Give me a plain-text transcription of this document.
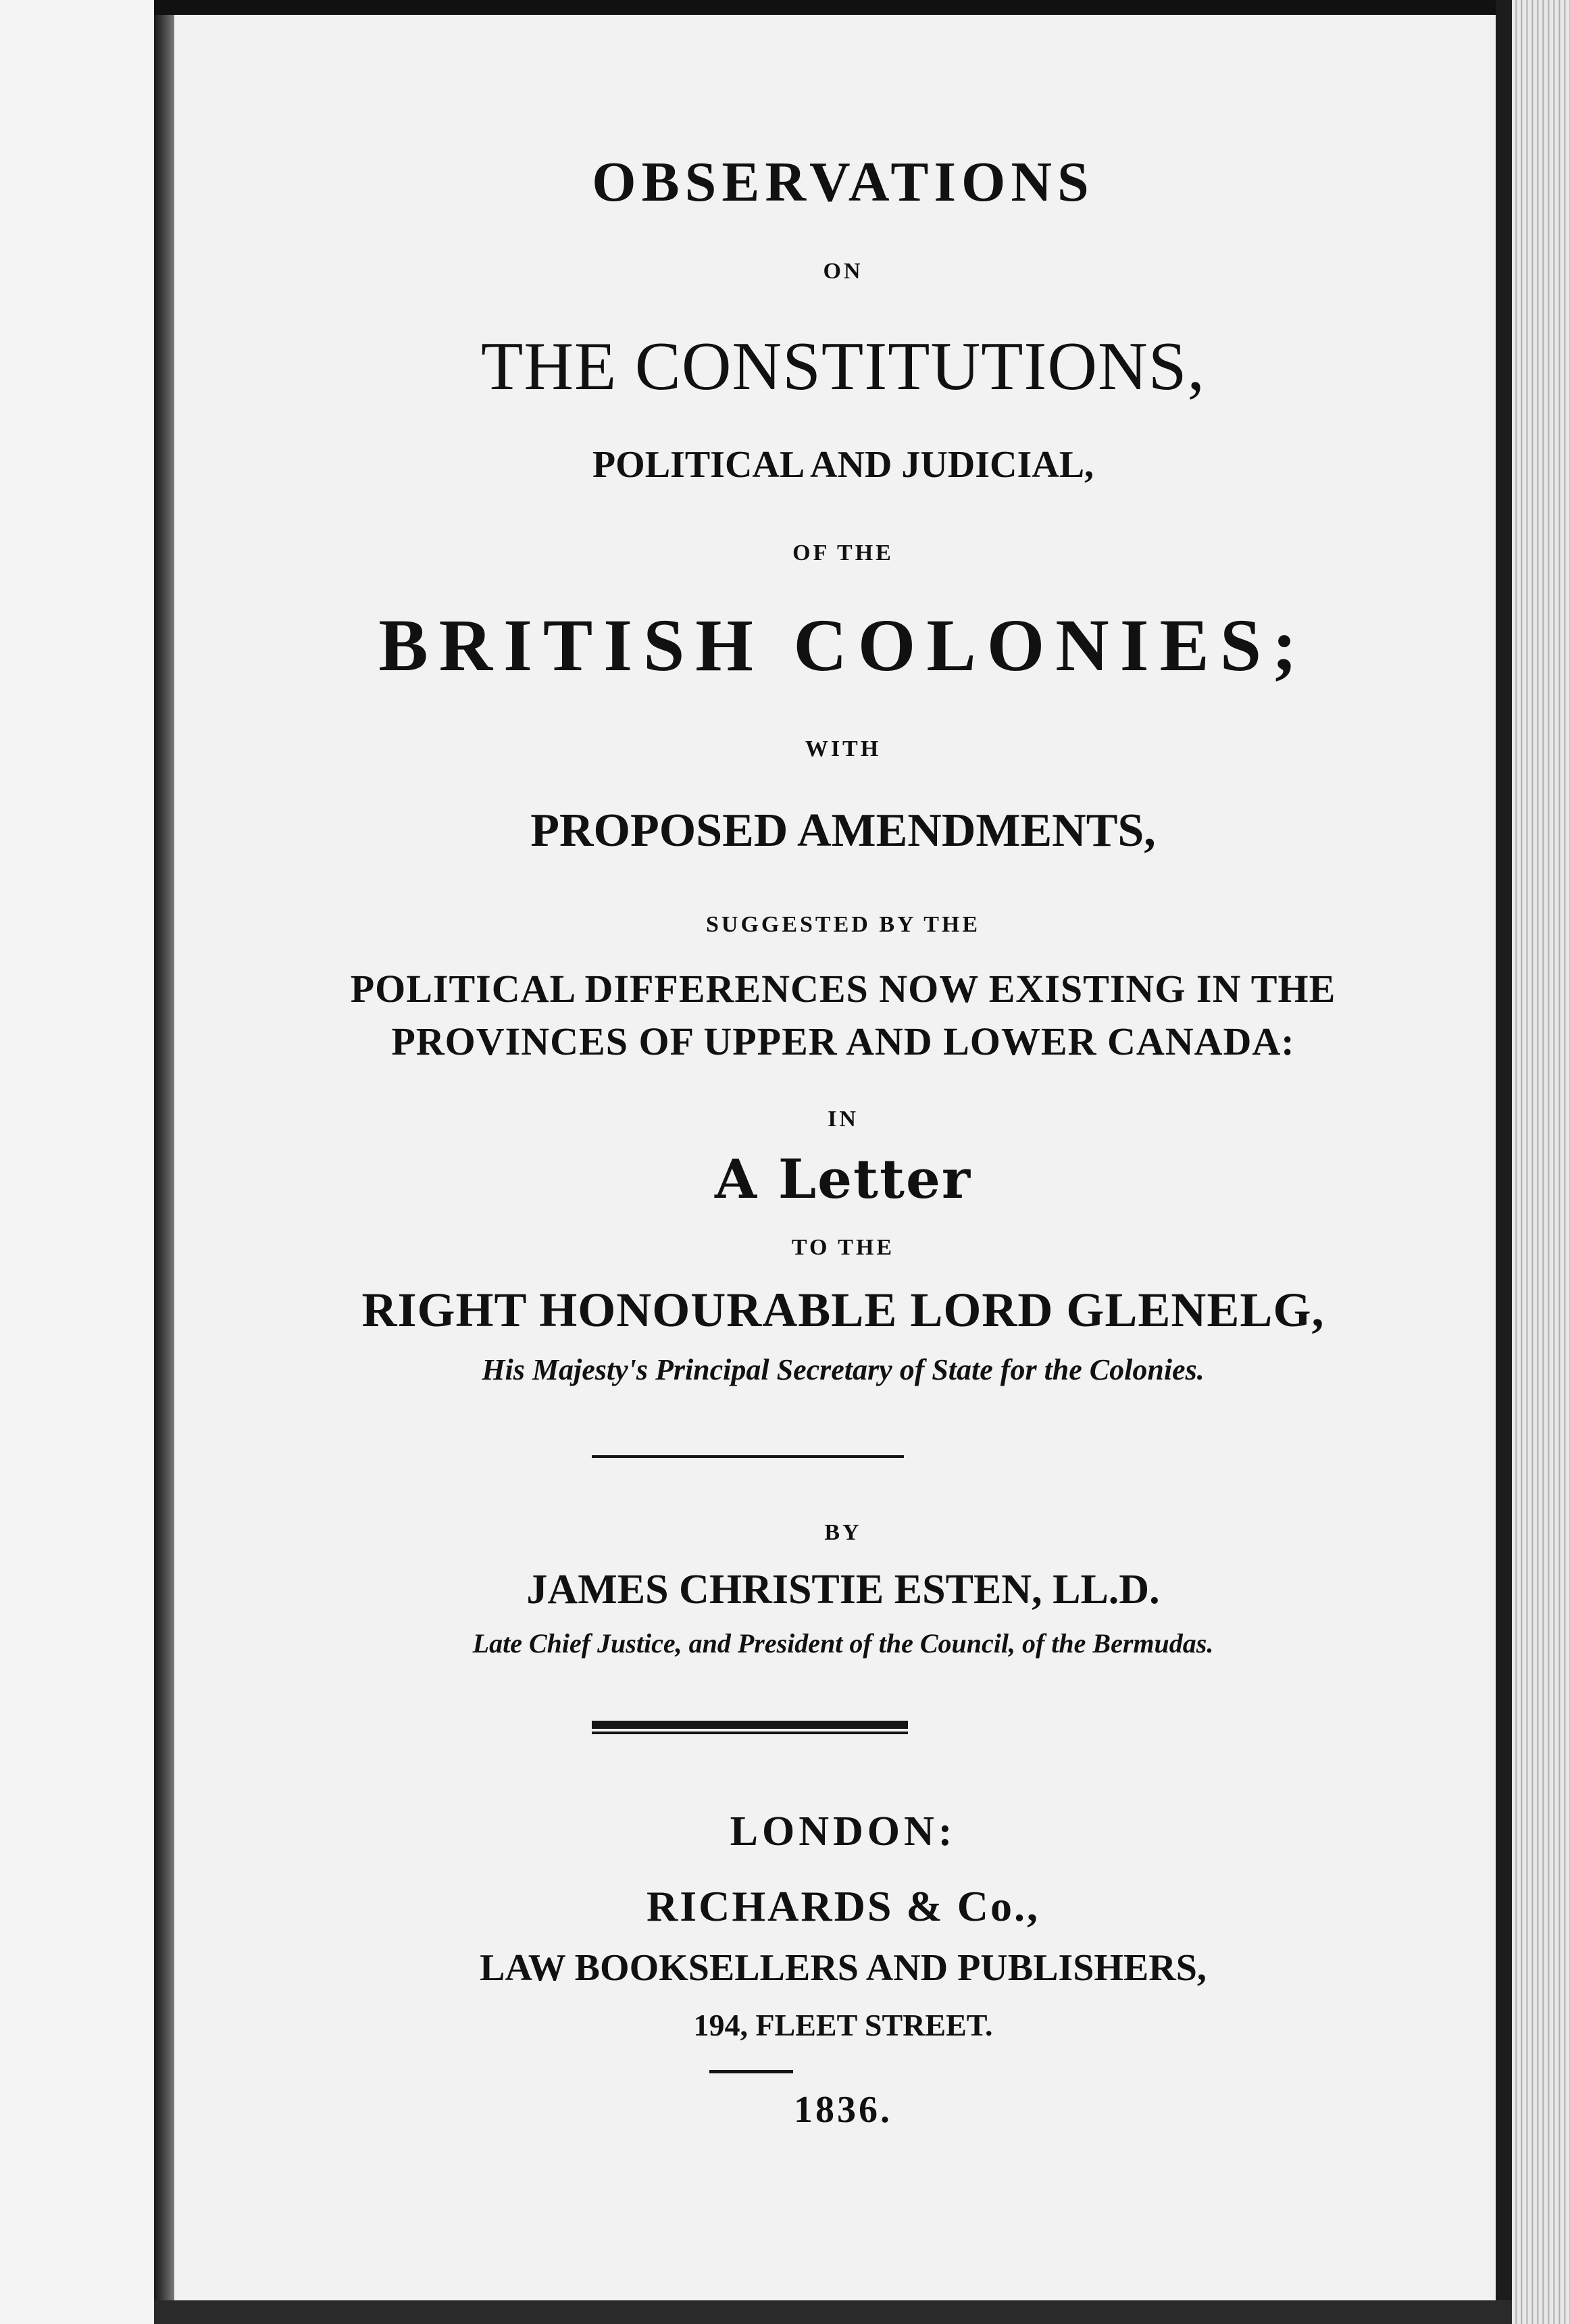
OBSERVATIONS

ON

THE CONSTITUTIONS,

POLITICAL AND JUDICIAL,

OF THE

BRITISH COLONIES;

WITH

PROPOSED AMENDMENTS,

SUGGESTED BY THE

POLITICAL DIFFERENCES NOW EXISTING IN THE

PROVINCES OF UPPER AND LOWER CANADA:

IN

A Letter

TO THE

RIGHT HONOURABLE LORD GLENELG,

His Majesty's Principal Secretary of State for the Colonies.

BY

JAMES CHRISTIE ESTEN, LL.D.

Late Chief Justice, and President of the Council, of the Bermudas.

LONDON:

RICHARDS & Co.,

LAW BOOKSELLERS AND PUBLISHERS,

194, FLEET STREET.

1836.
